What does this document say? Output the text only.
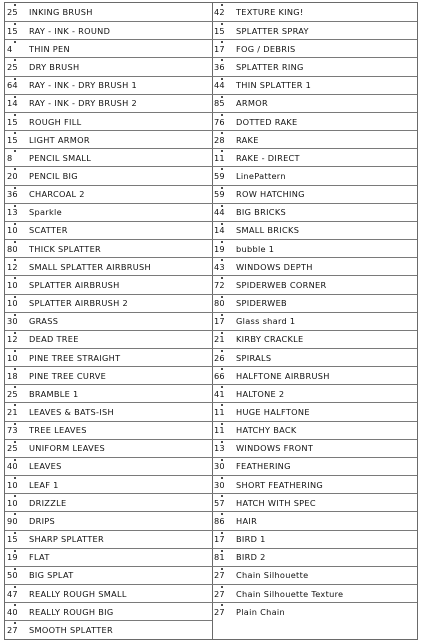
25	INKING BRUSH
15	RAY - INK - ROUND
4	THIN PEN
25	DRY BRUSH
64	RAY - INK - DRY BRUSH 1
14	RAY - INK - DRY BRUSH 2
15	ROUGH FILL
15	LIGHT ARMOR
8	PENCIL SMALL
20	PENCIL BIG
36	CHARCOAL 2
13	Sparkle
10	SCATTER
80	THICK SPLATTER
12	SMALL SPLATTER AIRBRUSH
10	SPLATTER AIRBRUSH
10	SPLATTER AIRBRUSH 2
30	GRASS
12	DEAD TREE
10	PINE TREE STRAIGHT
18	PINE TREE CURVE
25	BRAMBLE 1
21	LEAVES & BATS-ISH
73	TREE LEAVES
25	UNIFORM LEAVES
40	LEAVES
10	LEAF 1
10	DRIZZLE
90	DRIPS
15	SHARP SPLATTER
19	FLAT
50	BIG SPLAT
47	REALLY ROUGH SMALL
40	REALLY ROUGH BIG
27	SMOOTH SPLATTER
42	TEXTURE KING!
15	SPLATTER SPRAY
17	FOG / DEBRIS
36	SPLATTER RING
44	THIN SPLATTER 1
85	ARMOR
76	DOTTED RAKE
28	RAKE
11	RAKE - DIRECT
59	LinePattern
59	ROW HATCHING
44	BIG BRICKS
14	SMALL BRICKS
19	bubble 1
43	WINDOWS DEPTH
72	SPIDERWEB CORNER
80	SPIDERWEB
17	Glass shard 1
21	KIRBY CRACKLE
26	SPIRALS
66	HALFTONE AIRBRUSH
41	HALTONE 2
11	HUGE HALFTONE
11	HATCHY BACK
13	WINDOWS FRONT
30	FEATHERING
30	SHORT FEATHERING
57	HATCH WITH SPEC
86	HAIR
17	BIRD 1
81	BIRD 2
27	Chain Silhouette
27	Chain Silhouette Texture
27	Plain Chain
